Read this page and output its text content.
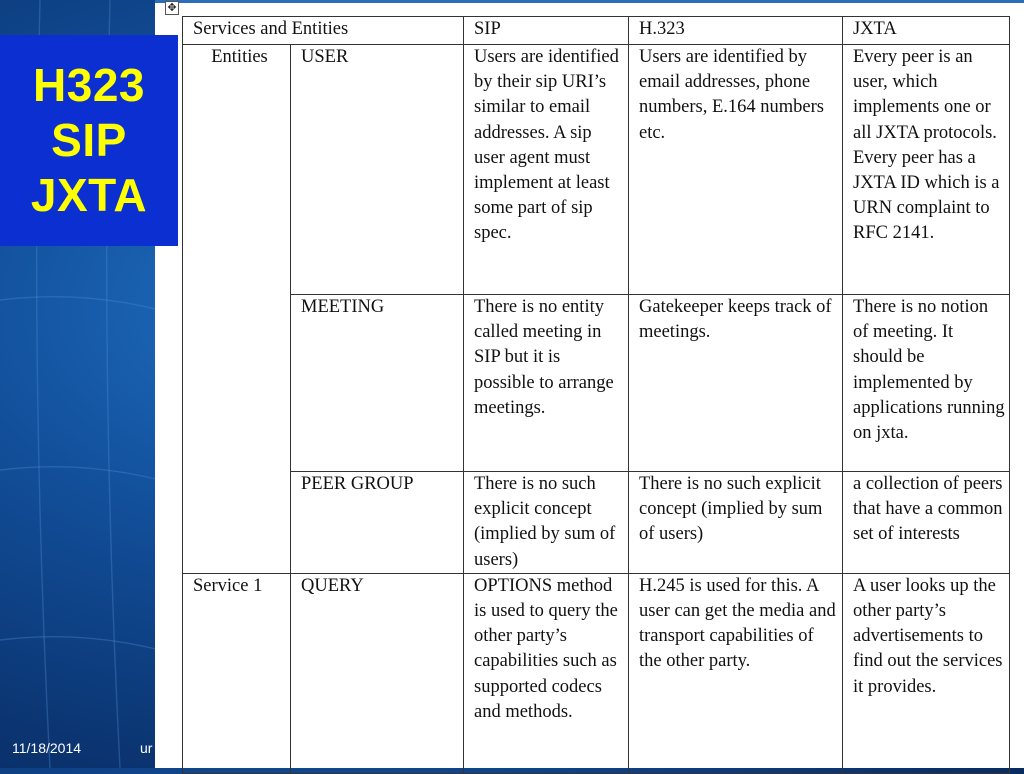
H323
SIP
JXTA
✥
Services and Entities		SIP	H.323	JXTA
Entities	USER	Users are identified by their sip URI’s similar to email addresses. A sip user agent must implement at least some part of sip spec.	Users are identified by email addresses, phone numbers, E.164 numbers etc.	Every peer is an user, which implements one or all JXTA protocols. Every peer has a JXTA ID which is a URN complaint to RFC 2141.
	MEETING	There is no entity called meeting in SIP but it is possible to arrange meetings.	Gatekeeper keeps track of meetings.	There is no notion of meeting. It should be implemented by applications running on jxta.
	PEER GROUP	There is no such explicit concept (implied by sum of users)	There is no such explicit concept (implied by sum of users)	a collection of peers that have a common set of interests
Service 1	QUERY	OPTIONS method is used to query the other party’s capabilities such as supported codecs and methods.	H.245 is used for this. A user can get the media and transport capabilities of the other party.	A user looks up the other party’s advertisements to find out the services it provides.
11/18/2014	ur
